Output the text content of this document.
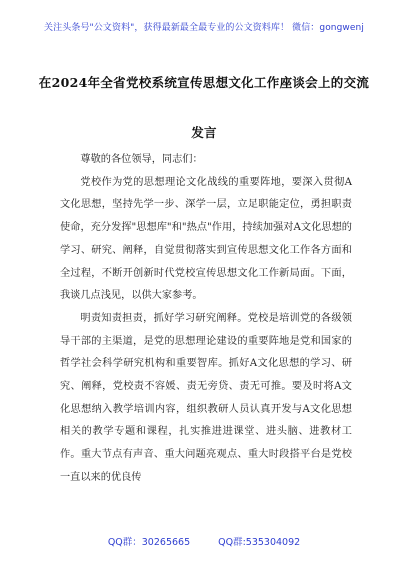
关注头条号"公文资料"，获得最新最全最专业的公文资料库！ 微信：gongwenj
在2024年全省党校系统宣传思想文化工作座谈会上的交流
发言

尊敬的各位领导，同志们：

党校作为党的思想理论文化战线的重要阵地，要深入贯彻A文化思想，坚持先学一步、深学一层，立足职能定位，勇担职责使命，充分发挥"思想库"和"热点"作用，持续加强对A文化思想的学习、研究、阐释，自觉贯彻落实到宣传思想文化工作各方面和全过程，不断开创新时代党校宣传思想文化工作新局面。下面，我谈几点浅见，以供大家参考。

明责知责担责，抓好学习研究阐释。党校是培训党的各级领导干部的主渠道，是党的思想理论建设的重要阵地是党和国家的哲学社会科学研究机构和重要智库。抓好A文化思想的学习、研究、阐释，党校责不容媛、责无旁贷、责无可推。要及时将A文化思想纳入教学培训内容，组织教研人员认真开发与A文化思想相关的教学专题和课程，扎实推进进课堂、进头脑、进教材工作。重大节点有声音、重大问题亮观点、重大时段搭平台是党校一直以来的优良传

QQ群：30265665	QQ群:535304092
